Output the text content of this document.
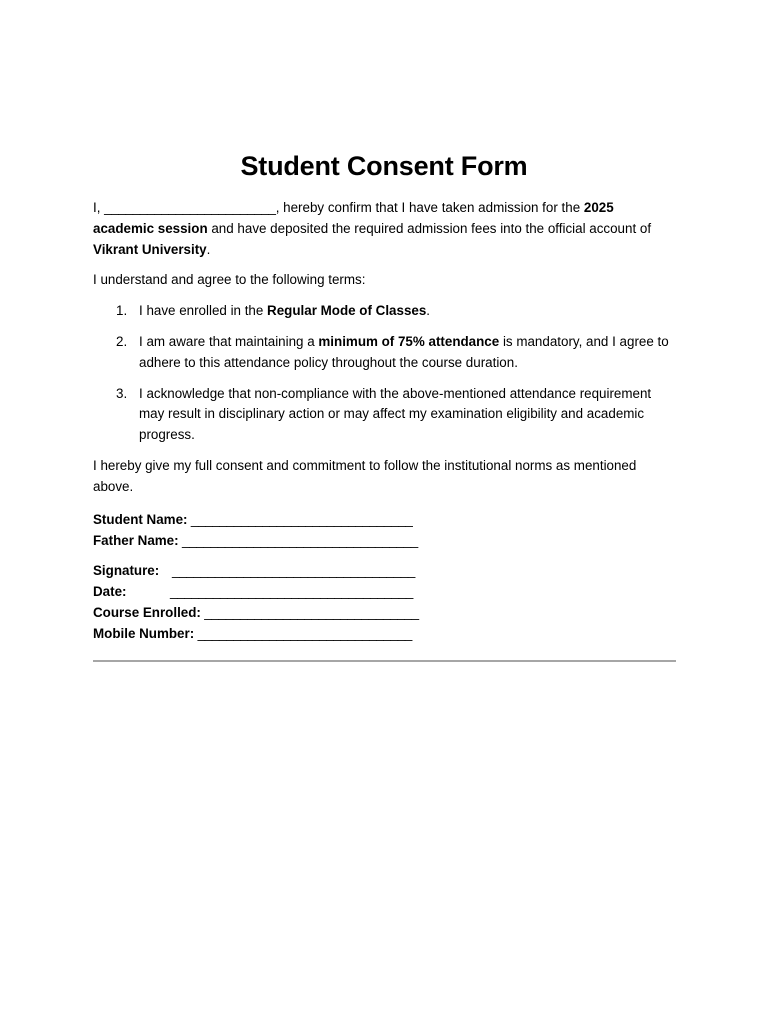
Student Consent Form

I, ________________________, hereby confirm that I have taken admission for the 2025 academic session and have deposited the required admission fees into the official account of Vikrant University.

I understand and agree to the following terms:

1. I have enrolled in the Regular Mode of Classes.
2. I am aware that maintaining a minimum of 75% attendance is mandatory, and I agree to adhere to this attendance policy throughout the course duration.
3. I acknowledge that non-compliance with the above-mentioned attendance requirement may result in disciplinary action or may affect my examination eligibility and academic progress.

I hereby give my full consent and commitment to follow the institutional norms as mentioned above.

Student Name: _______________________________
Father Name: _________________________________
Signature: __________________________________
Date:	__________________________________
Course Enrolled: ______________________________
Mobile Number: ______________________________
